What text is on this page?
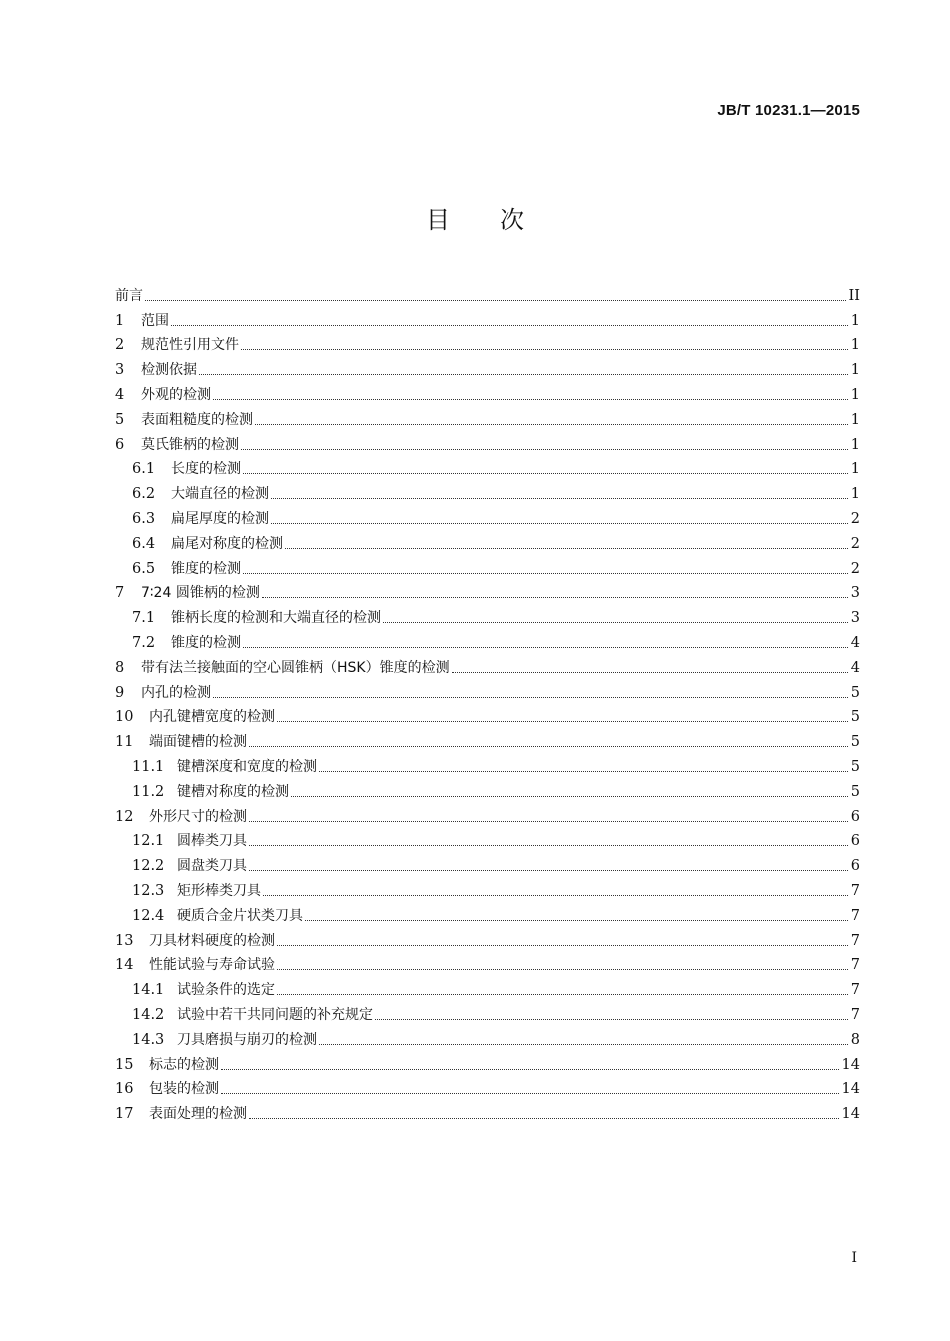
JB/T 10231.1—2015
目次
前言	II
1	范围	1
2	规范性引用文件	1
3	检测依据	1
4	外观的检测	1
5	表面粗糙度的检测	1
6	莫氏锥柄的检测	1
6.1	长度的检测	1
6.2	大端直径的检测	1
6.3	扁尾厚度的检测	2
6.4	扁尾对称度的检测	2
6.5	锥度的检测	2
7	7∶24 圆锥柄的检测	3
7.1	锥柄长度的检测和大端直径的检测	3
7.2	锥度的检测	4
8	带有法兰接触面的空心圆锥柄（HSK）锥度的检测	4
9	内孔的检测	5
10	内孔键槽宽度的检测	5
11	端面键槽的检测	5
11.1 键槽深度和宽度的检测	5
11.2 键槽对称度的检测	5
12	外形尺寸的检测	6
12.1 圆棒类刀具	6
12.2 圆盘类刀具	6
12.3 矩形棒类刀具	7
12.4 硬质合金片状类刀具	7
13	刀具材料硬度的检测	7
14	性能试验与寿命试验	7
14.1 试验条件的选定	7
14.2 试验中若干共同问题的补充规定	7
14.3 刀具磨损与崩刃的检测	8
15	标志的检测	14
16	包装的检测	14
17	表面处理的检测	14
I
